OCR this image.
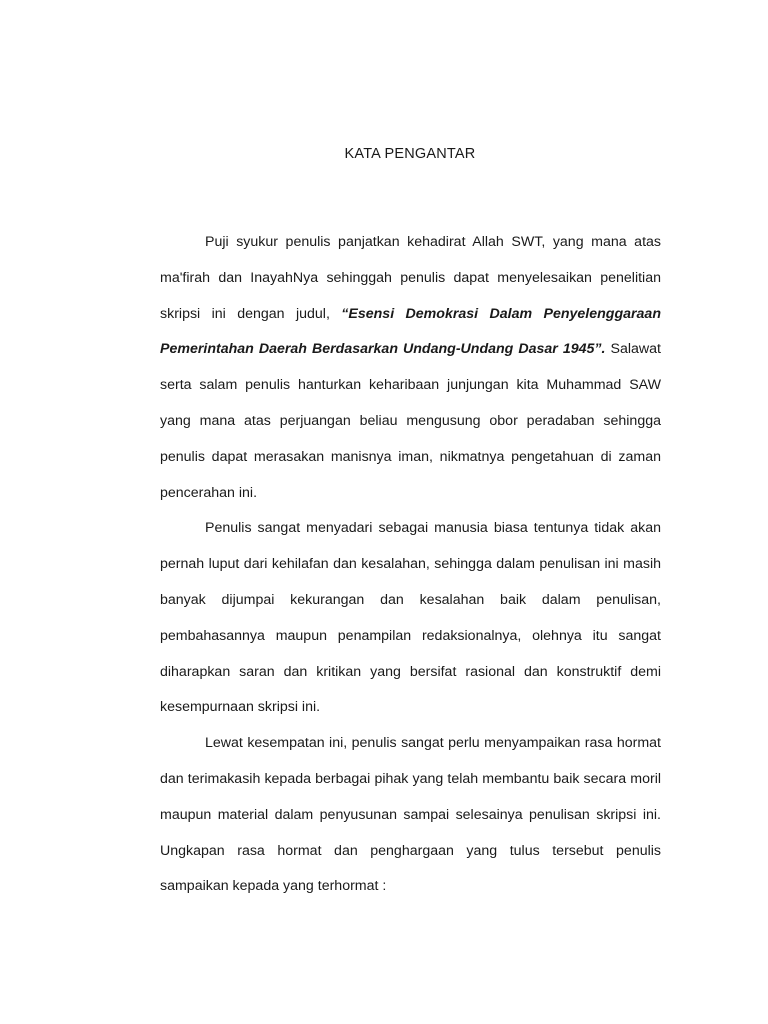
KATA PENGANTAR

Puji syukur penulis panjatkan kehadirat Allah SWT, yang mana atas ma'firah dan InayahNya sehinggah penulis dapat menyelesaikan penelitian skripsi ini dengan judul, “Esensi Demokrasi Dalam Penyelenggaraan Pemerintahan Daerah Berdasarkan Undang-Undang Dasar 1945”. Salawat serta salam penulis hanturkan keharibaan junjungan kita Muhammad SAW yang mana atas perjuangan beliau mengusung obor peradaban sehingga penulis dapat merasakan manisnya iman, nikmatnya pengetahuan di zaman pencerahan ini.

Penulis sangat menyadari sebagai manusia biasa tentunya tidak akan pernah luput dari kehilafan dan kesalahan, sehingga dalam penulisan ini masih banyak dijumpai kekurangan dan kesalahan baik dalam penulisan, pembahasannya maupun penampilan redaksionalnya, olehnya itu sangat diharapkan saran dan kritikan yang bersifat rasional dan konstruktif demi kesempurnaan skripsi ini.

Lewat kesempatan ini, penulis sangat perlu menyampaikan rasa hormat dan terimakasih kepada berbagai pihak yang telah membantu baik secara moril maupun material dalam penyusunan sampai selesainya penulisan skripsi ini. Ungkapan rasa hormat dan penghargaan yang tulus tersebut penulis sampaikan kepada yang terhormat :
